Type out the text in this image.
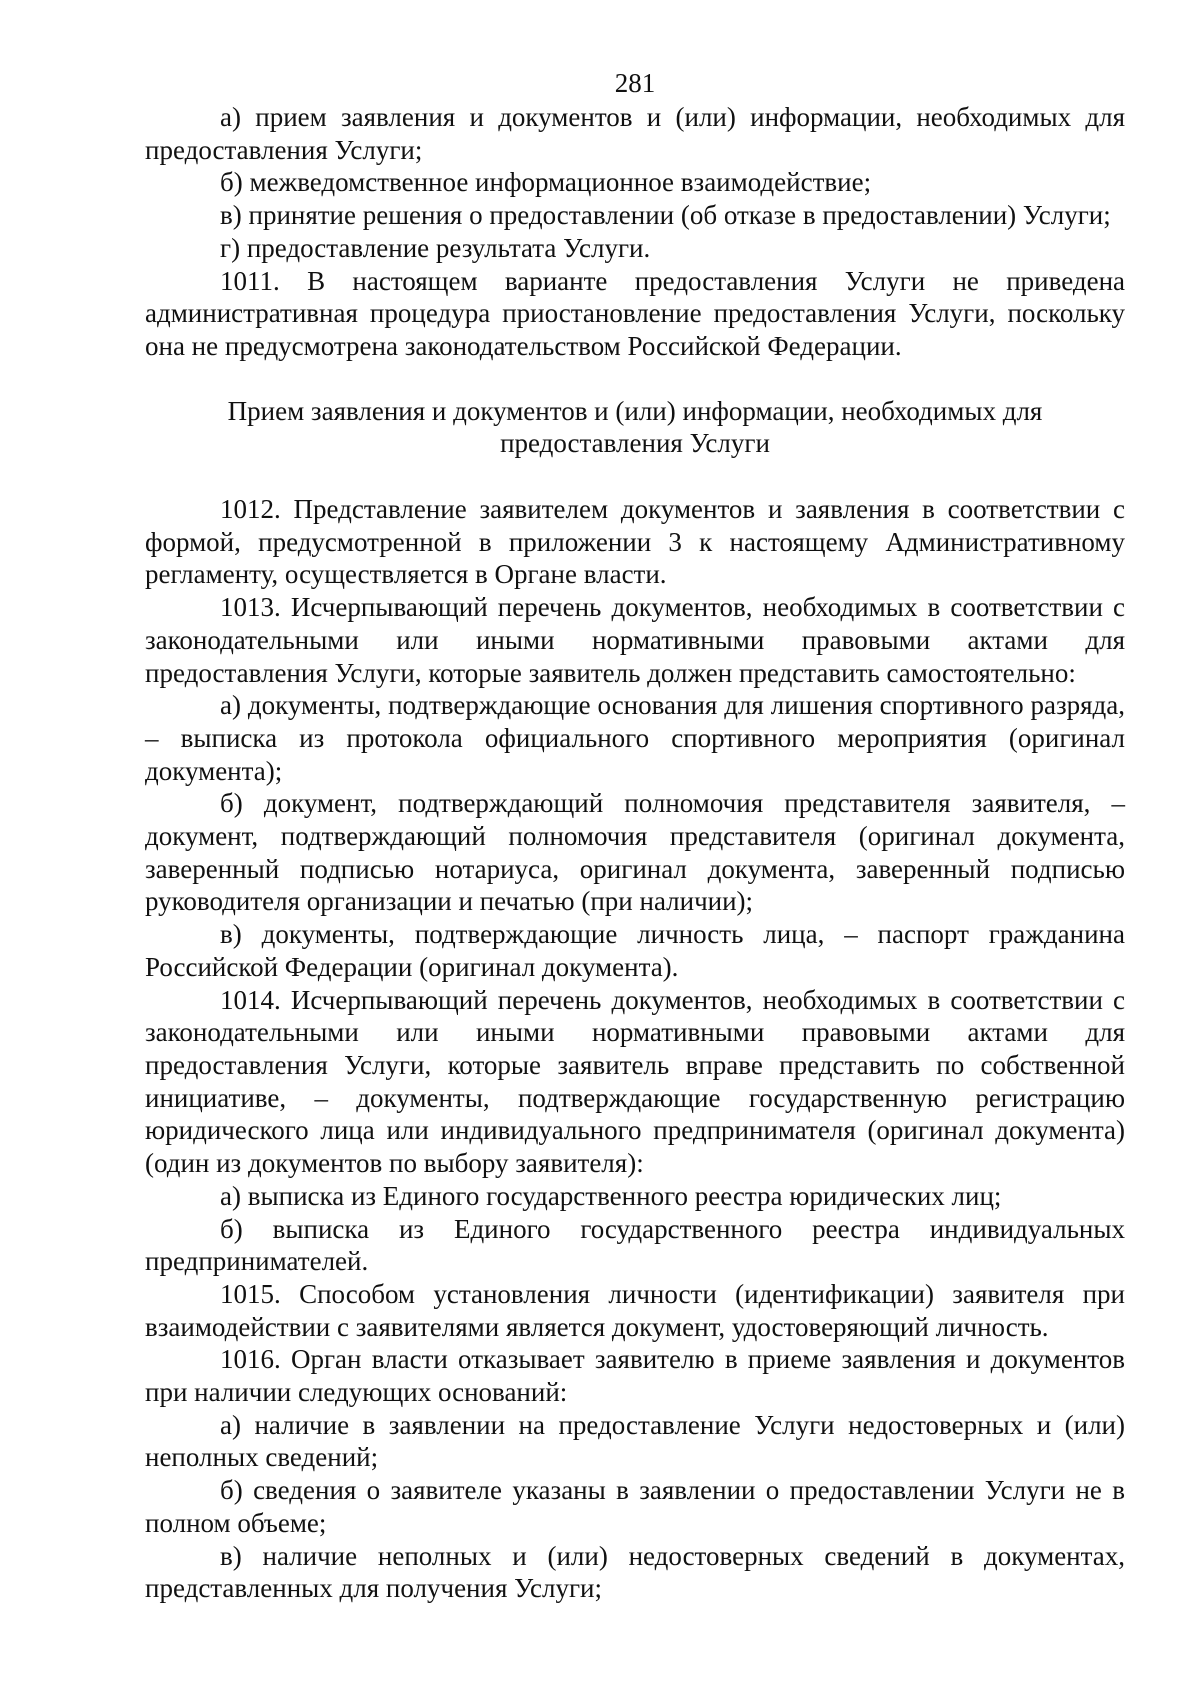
281

а) прием заявления и документов и (или) информации, необходимых для предоставления Услуги;

б) межведомственное информационное взаимодействие;

в) принятие решения о предоставлении (об отказе в предоставлении) Услуги;

г) предоставление результата Услуги.

1011. В настоящем варианте предоставления Услуги не приведена административная процедура приостановление предоставления Услуги, поскольку она не предусмотрена законодательством Российской Федерации.

Прием заявления и документов и (или) информации, необходимых для предоставления Услуги

1012. Представление заявителем документов и заявления в соответствии с формой, предусмотренной в приложении 3 к настоящему Административному регламенту, осуществляется в Органе власти.

1013. Исчерпывающий перечень документов, необходимых в соответствии с законодательными или иными нормативными правовыми актами для предоставления Услуги, которые заявитель должен представить самостоятельно:

а) документы, подтверждающие основания для лишения спортивного разряда, – выписка из протокола официального спортивного мероприятия (оригинал документа);

б) документ, подтверждающий полномочия представителя заявителя, – документ, подтверждающий полномочия представителя (оригинал документа, заверенный подписью нотариуса, оригинал документа, заверенный подписью руководителя организации и печатью (при наличии);

в) документы, подтверждающие личность лица, – паспорт гражданина Российской Федерации (оригинал документа).

1014. Исчерпывающий перечень документов, необходимых в соответствии с законодательными или иными нормативными правовыми актами для предоставления Услуги, которые заявитель вправе представить по собственной инициативе, – документы, подтверждающие государственную регистрацию юридического лица или индивидуального предпринимателя (оригинал документа) (один из документов по выбору заявителя):

а) выписка из Единого государственного реестра юридических лиц;

б) выписка из Единого государственного реестра индивидуальных предпринимателей.

1015. Способом установления личности (идентификации) заявителя при взаимодействии с заявителями является документ, удостоверяющий личность.

1016. Орган власти отказывает заявителю в приеме заявления и документов при наличии следующих оснований:

а) наличие в заявлении на предоставление Услуги недостоверных и (или) неполных сведений;

б) сведения о заявителе указаны в заявлении о предоставлении Услуги не в полном объеме;

в) наличие неполных и (или) недостоверных сведений в документах, представленных для получения Услуги;
